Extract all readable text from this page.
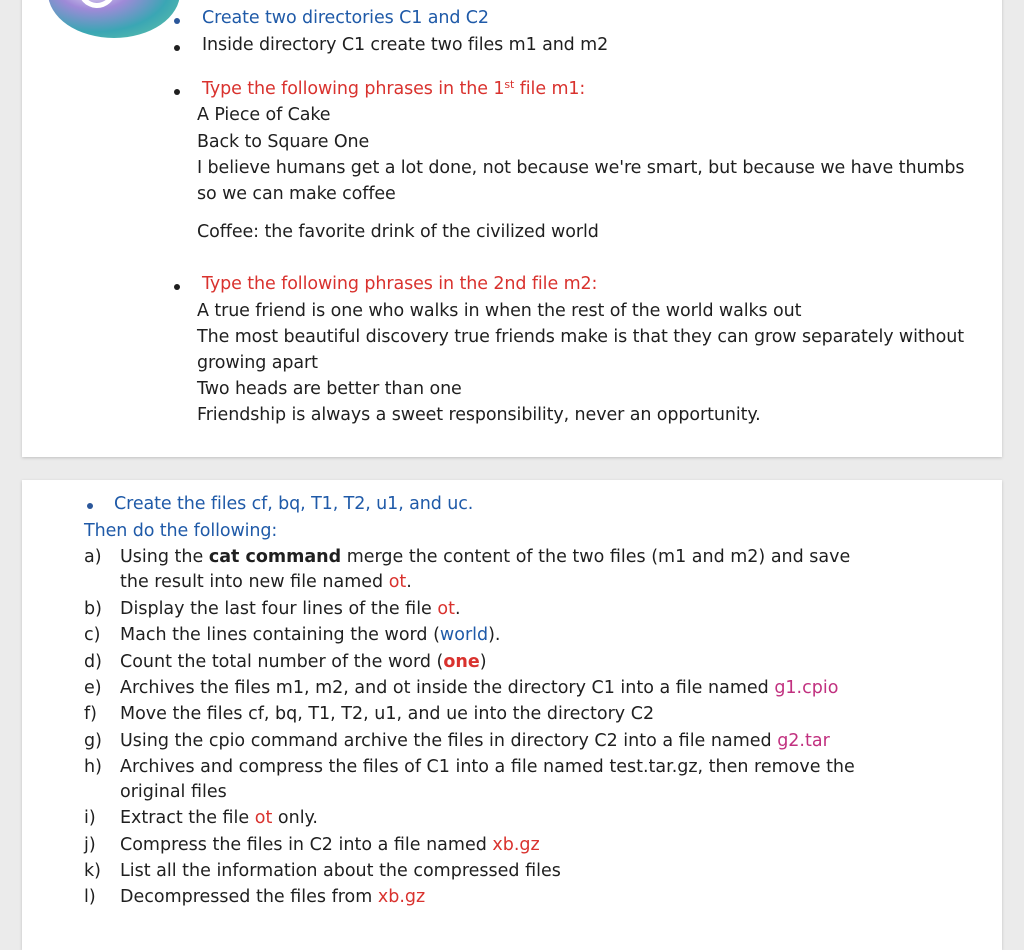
Create two directories C1 and C2
Inside directory C1 create two files m1 and m2
Type the following phrases in the 1st file m1:
A Piece of Cake
Back to Square One
I believe humans get a lot done, not because we're smart, but because we have thumbs
so we can make coffee
Coffee: the favorite drink of the civilized world
Type the following phrases in the 2nd file m2:
A true friend is one who walks in when the rest of the world walks out
The most beautiful discovery true friends make is that they can grow separately without
growing apart
Two heads are better than one
Friendship is always a sweet responsibility, never an opportunity.
Create the files cf, bq, T1, T2, u1, and uc.
Then do the following:
a)	Using the cat command merge the content of the two files (m1 and m2) and save
the result into new file named ot.
b)	Display the last four lines of the file ot.
c)	Mach the lines containing the word (world).
d)	Count the total number of the word (one)
e)	Archives the files m1, m2, and ot inside the directory C1 into a file named g1.cpio
f)	Move the files cf, bq, T1, T2, u1, and ue into the directory C2
g)	Using the cpio command archive the files in directory C2 into a file named g2.tar
h)	Archives and compress the files of C1 into a file named test.tar.gz, then remove the
original files
i)	Extract the file ot only.
j)	Compress the files in C2 into a file named xb.gz
k)	List all the information about the compressed files
l)	Decompressed the files from xb.gz
